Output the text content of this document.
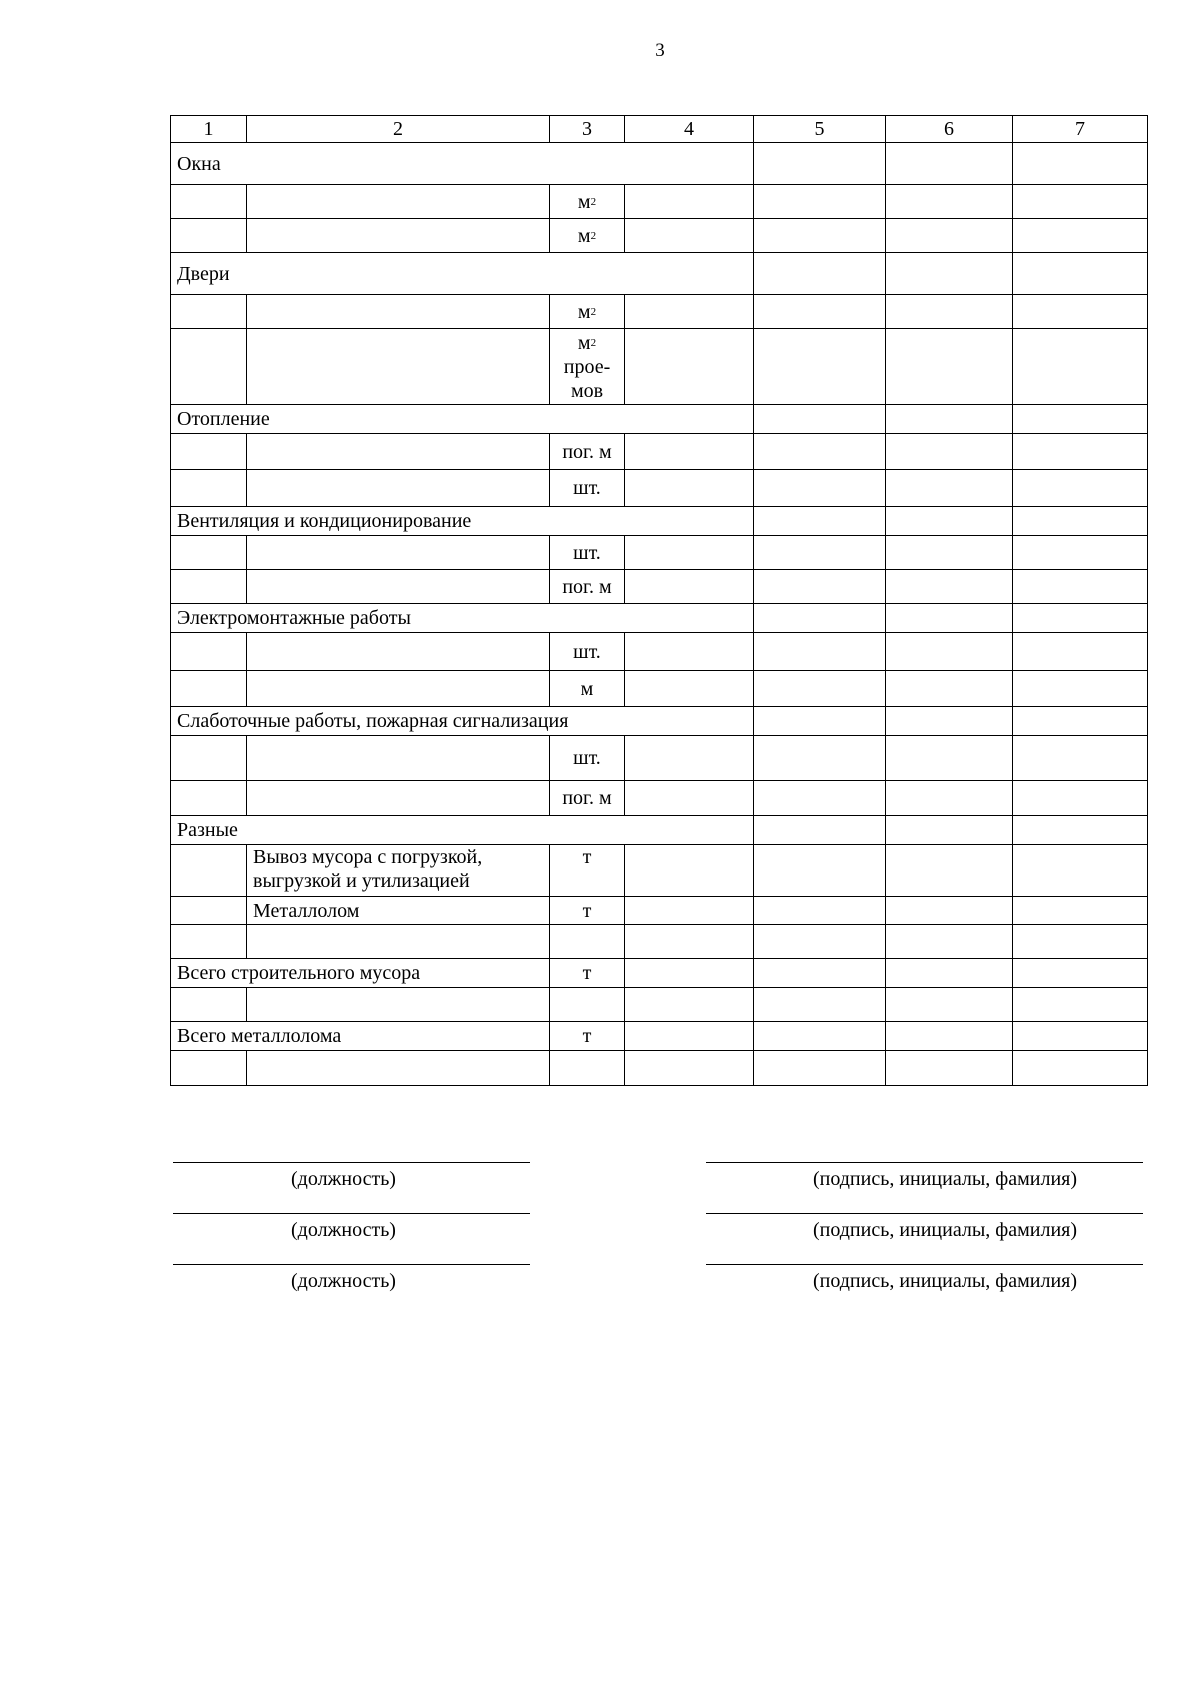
3
1	2	3	4	5	6	7
Окна						
		$м^2$				
		$м^2$				
Двери						
		$м^2$				

		$м^2$
прое-
мов				

Отопление						
		пог. м				
		шт.				
Вентиляция и кондиционирование						
		шт.				
		пог. м				
Электромонтажные работы						
		шт.				
		м				
Слаботочные работы, пожарная сигнализация						
		шт.				
		пог. м				
Разные						

	Вывоз мусора с погрузкой,
выгрузкой и утилизацией	т				
	Металлолом	т				

Всего строительного мусора		т				

Всего металлолома		т				

(должность)	(подпись, инициалы, фамилия)
(должность)	(подпись, инициалы, фамилия)
(должность)	(подпись, инициалы, фамилия)
